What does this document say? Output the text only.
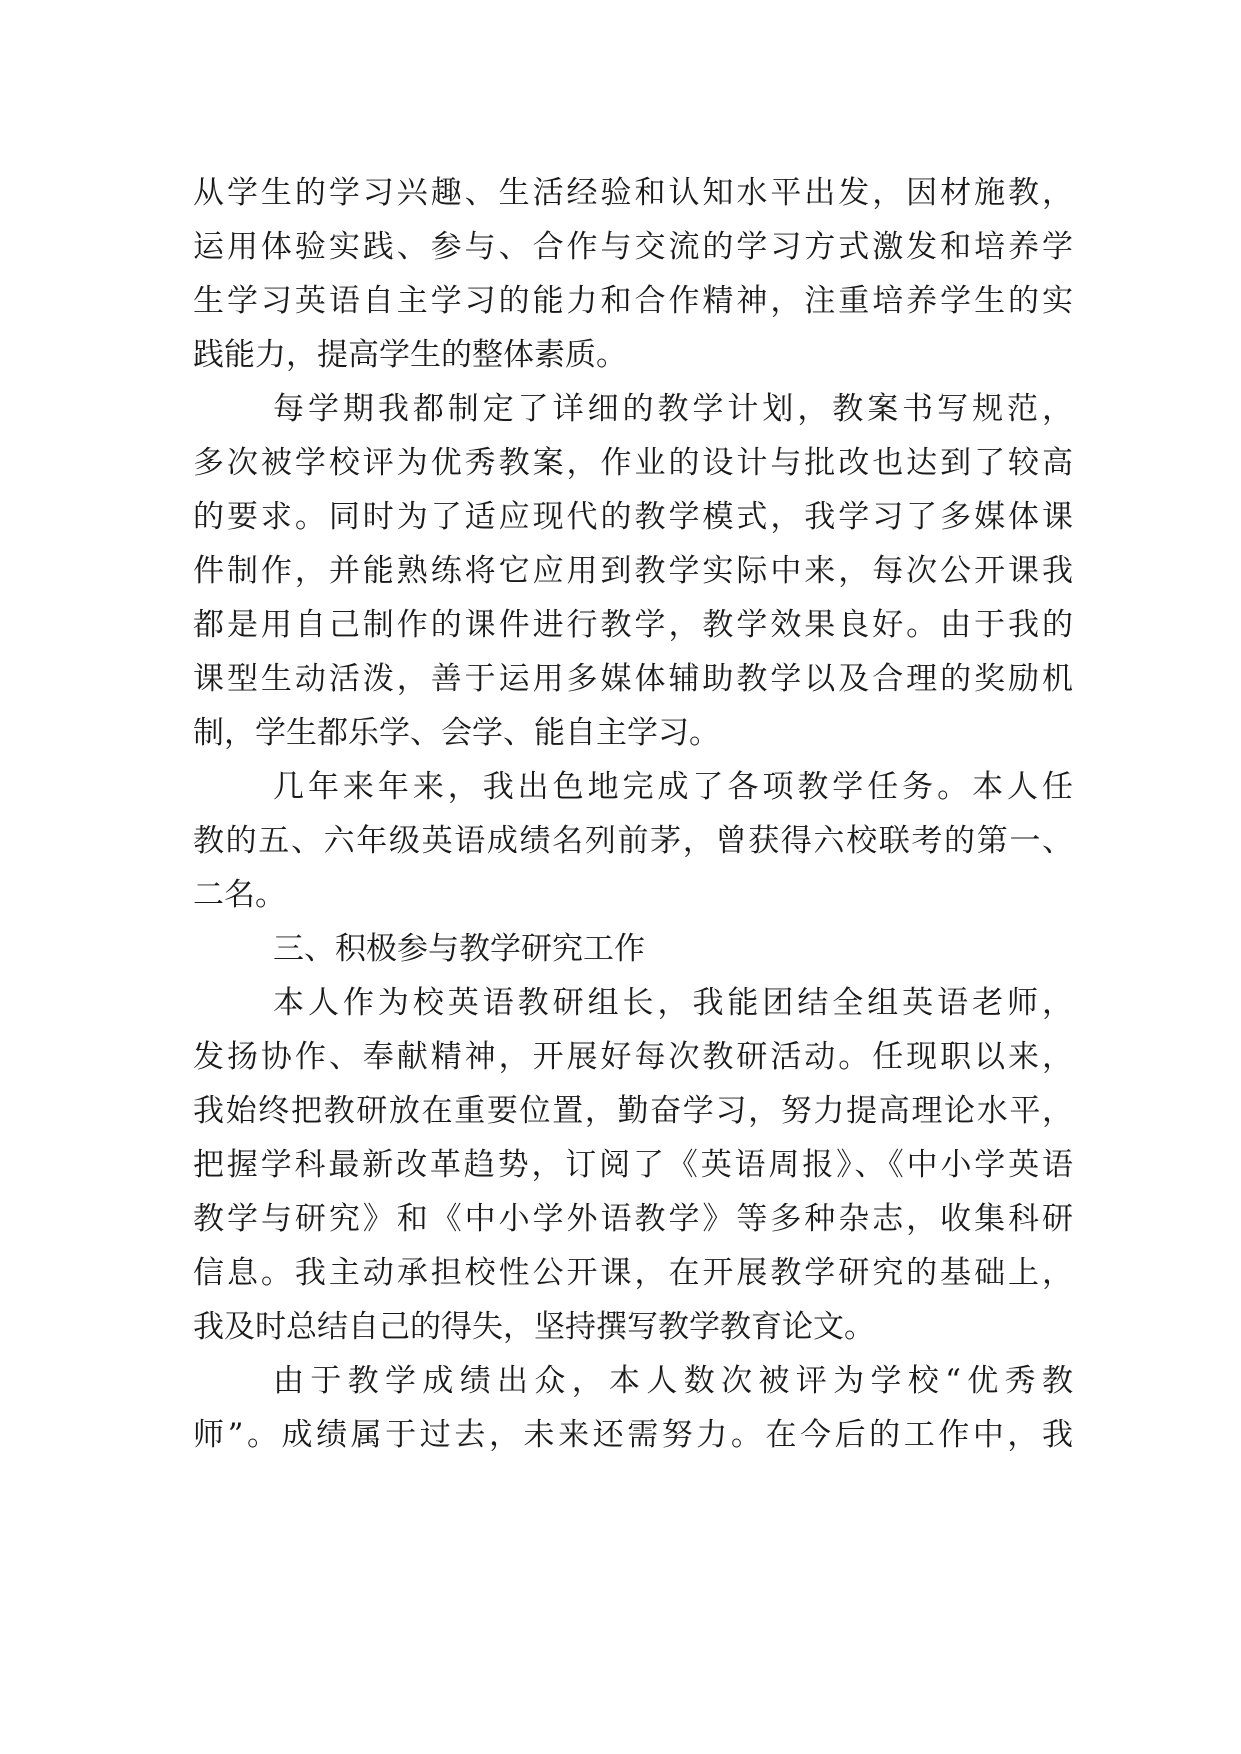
从学生的学习兴趣、生活经验和认知水平出发，因材施教，
运用体验实践、参与、合作与交流的学习方式激发和培养学
生学习英语自主学习的能力和合作精神，注重培养学生的实
践能力，提高学生的整体素质。
每学期我都制定了详细的教学计划，教案书写规范，
多次被学校评为优秀教案，作业的设计与批改也达到了较高
的要求。同时为了适应现代的教学模式，我学习了多媒体课
件制作，并能熟练将它应用到教学实际中来，每次公开课我
都是用自己制作的课件进行教学，教学效果良好。由于我的
课型生动活泼，善于运用多媒体辅助教学以及合理的奖励机
制，学生都乐学、会学、能自主学习。
几年来年来，我出色地完成了各项教学任务。本人任
教的五、六年级英语成绩名列前茅，曾获得六校联考的第一、
二名。
三、积极参与教学研究工作
本人作为校英语教研组长，我能团结全组英语老师，
发扬协作、奉献精神，开展好每次教研活动。任现职以来，
我始终把教研放在重要位置，勤奋学习，努力提高理论水平，
把握学科最新改革趋势，订阅了《英语周报》、《中小学英语
教学与研究》和《中小学外语教学》等多种杂志，收集科研
信息。我主动承担校性公开课，在开展教学研究的基础上，
我及时总结自己的得失，坚持撰写教学教育论文。
由于教学成绩出众，本人数次被评为学校“优秀教
师”。成绩属于过去，未来还需努力。在今后的工作中，我
